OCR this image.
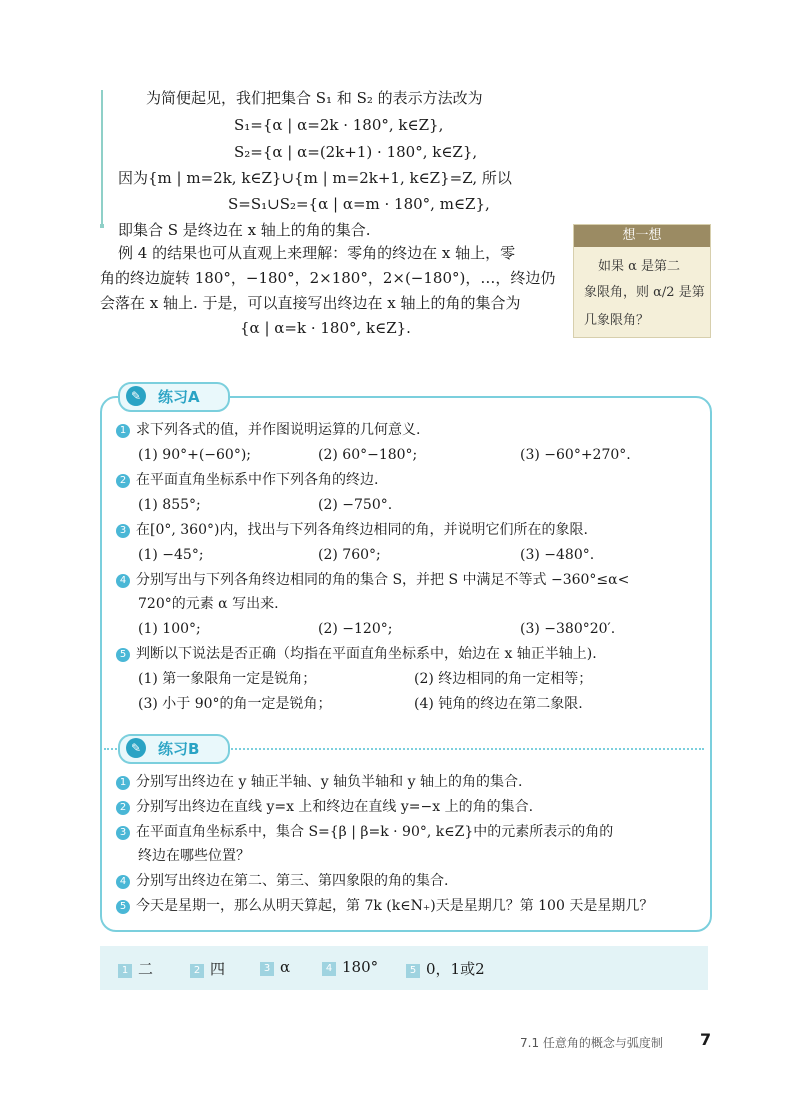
为简便起见，我们把集合 S₁ 和 S₂ 的表示方法改为
S₁={α | α=2k · 180°, k∈Z},
S₂={α | α=(2k+1) · 180°, k∈Z},
因为{m | m=2k, k∈Z}∪{m | m=2k+1, k∈Z}=Z, 所以
S=S₁∪S₂={α | α=m · 180°, m∈Z},
即集合 S 是终边在 x 轴上的角的集合.
例 4 的结果也可从直观上来理解：零角的终边在 x 轴上，零
角的终边旋转 180°，−180°，2×180°，2×(−180°)，…，终边仍
会落在 x 轴上. 于是，可以直接写出终边在 x 轴上的角的集合为
{α | α=k · 180°, k∈Z}.
想一想
如果 α 是第二
象限角，则 α/2 是第
几象限角？
✎	练习A
1 求下列各式的值，并作图说明运算的几何意义.
(1) 90°+(−60°);	(2) 60°−180°;	(3) −60°+270°.
2 在平面直角坐标系中作下列各角的终边.
(1) 855°;	(2) −750°.
3 在[0°, 360°)内，找出与下列各角终边相同的角，并说明它们所在的象限.
(1) −45°;	(2) 760°;	(3) −480°.
4 分别写出与下列各角终边相同的角的集合 S，并把 S 中满足不等式 −360°≤α<
720°的元素 α 写出来.
(1) 100°;	(2) −120°;	(3) −380°20′.
5 判断以下说法是否正确（均指在平面直角坐标系中，始边在 x 轴正半轴上).
(1) 第一象限角一定是锐角；	(2) 终边相同的角一定相等；
(3) 小于 90°的角一定是锐角；	(4) 钝角的终边在第二象限.
✎	练习B
1 分别写出终边在 y 轴正半轴、y 轴负半轴和 y 轴上的角的集合.
2 分别写出终边在直线 y=x 上和终边在直线 y=−x 上的角的集合.
3 在平面直角坐标系中，集合 S={β | β=k · 90°, k∈Z}中的元素所表示的角的
终边在哪些位置？
4 分别写出终边在第二、第三、第四象限的角的集合.
5 今天是星期一，那么从明天算起，第 7k (k∈N₊)天是星期几？第 100 天是星期几？
1 二	2 四	3 α	4 180°	5 0，1或2
7.1 任意角的概念与弧度制 7
